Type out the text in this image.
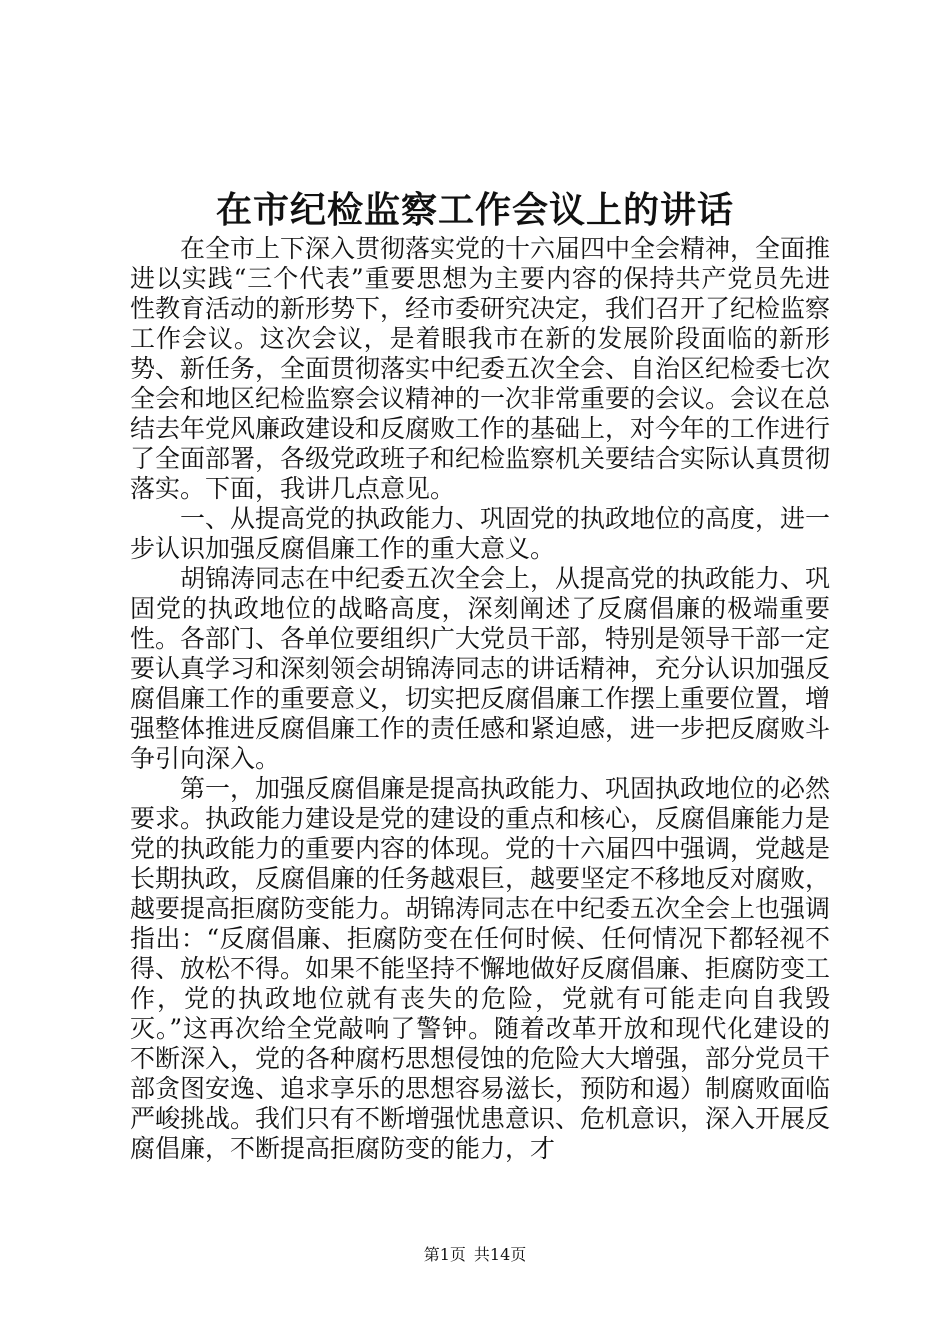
在市纪检监察工作会议上的讲话

在全市上下深入贯彻落实党的十六届四中全会精神，全面推进以实践“三个代表”重要思想为主要内容的保持共产党员先进性教育活动的新形势下，经市委研究决定，我们召开了纪检监察工作会议。这次会议，是着眼我市在新的发展阶段面临的新形势、新任务，全面贯彻落实中纪委五次全会、自治区纪检委七次全会和地区纪检监察会议精神的一次非常重要的会议。会议在总结去年党风廉政建设和反腐败工作的基础上，对今年的工作进行了全面部署，各级党政班子和纪检监察机关要结合实际认真贯彻落实。下面，我讲几点意见。

一、从提高党的执政能力、巩固党的执政地位的高度，进一步认识加强反腐倡廉工作的重大意义。

胡锦涛同志在中纪委五次全会上，从提高党的执政能力、巩固党的执政地位的战略高度，深刻阐述了反腐倡廉的极端重要性。各部门、各单位要组织广大党员干部，特别是领导干部一定要认真学习和深刻领会胡锦涛同志的讲话精神，充分认识加强反腐倡廉工作的重要意义，切实把反腐倡廉工作摆上重要位置，增强整体推进反腐倡廉工作的责任感和紧迫感，进一步把反腐败斗争引向深入。

第一，加强反腐倡廉是提高执政能力、巩固执政地位的必然要求。执政能力建设是党的建设的重点和核心，反腐倡廉能力是党的执政能力的重要内容的体现。党的十六届四中强调，党越是长期执政，反腐倡廉的任务越艰巨，越要坚定不移地反对腐败，越要提高拒腐防变能力。胡锦涛同志在中纪委五次全会上也强调指出：“反腐倡廉、拒腐防变在任何时候、任何情况下都轻视不得、放松不得。如果不能坚持不懈地做好反腐倡廉、拒腐防变工作，党的执政地位就有丧失的危险，党就有可能走向自我毁灭。”这再次给全党敲响了警钟。随着改革开放和现代化建设的不断深入，党的各种腐朽思想侵蚀的危险大大增强，部分党员干部贪图安逸、追求享乐的思想容易滋长，预防和遏）制腐败面临严峻挑战。我们只有不断增强忧患意识、危机意识，深入开展反腐倡廉，不断提高拒腐防变的能力，才

第1页 共14页
